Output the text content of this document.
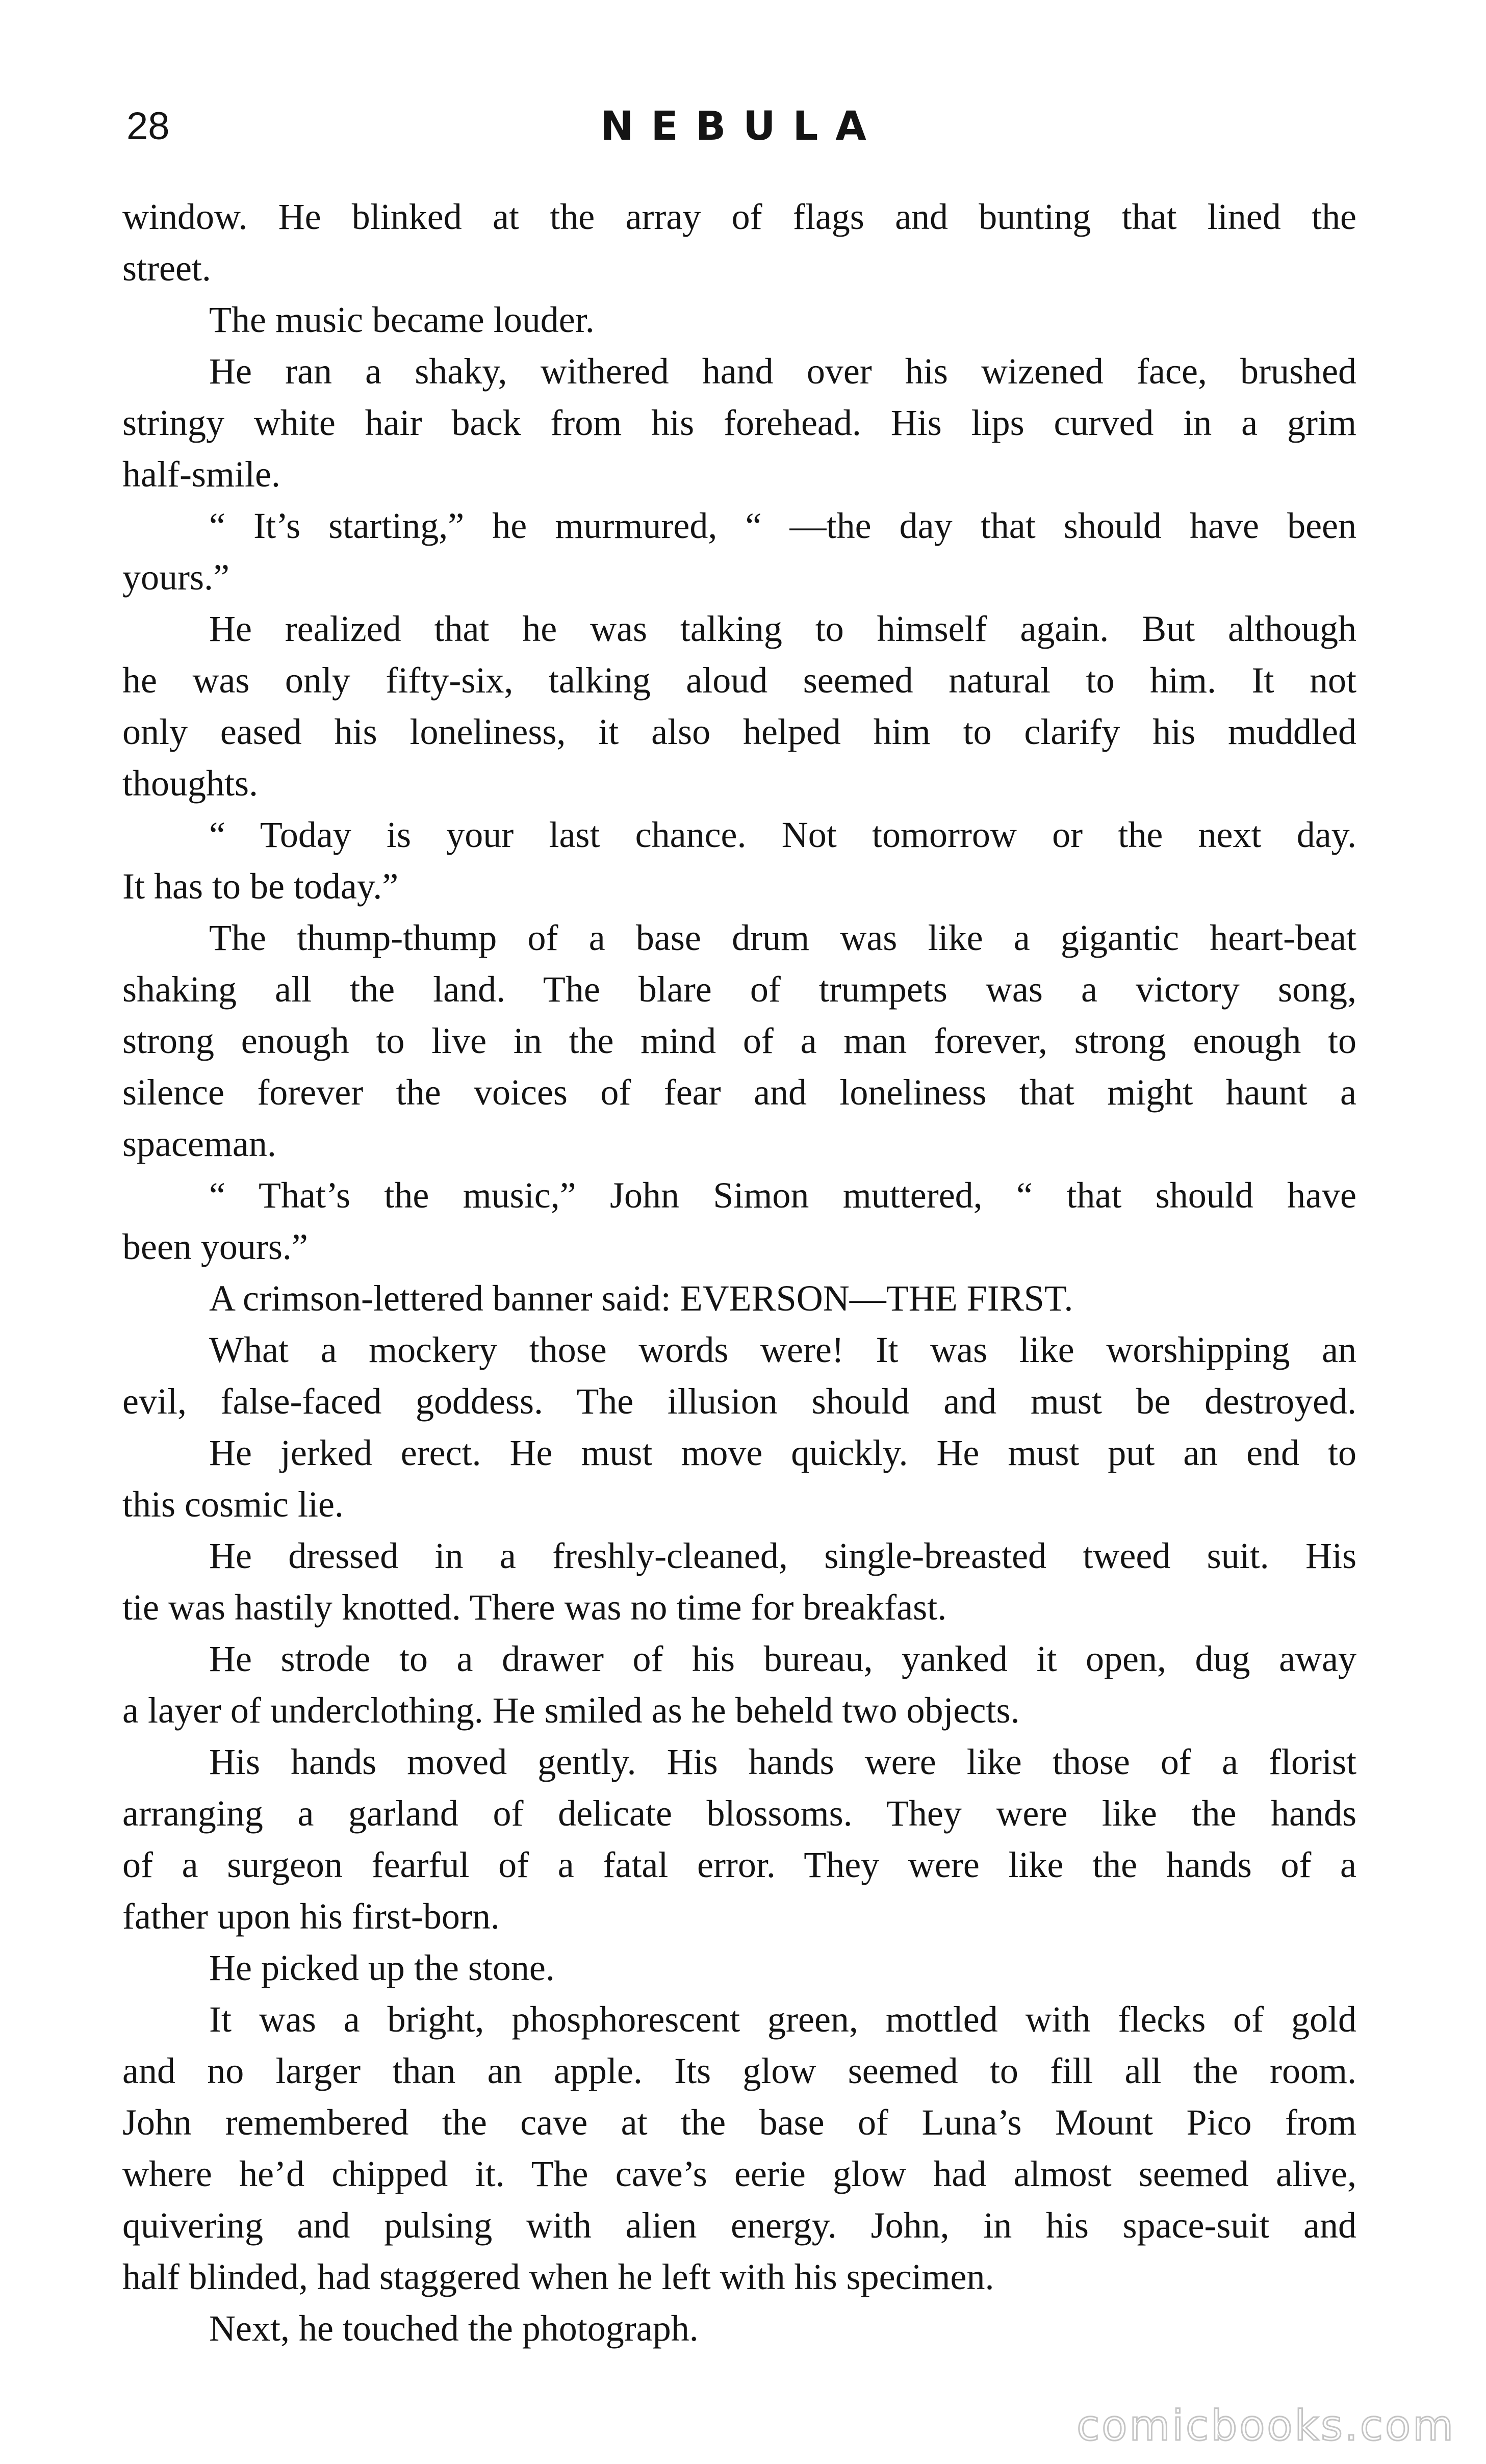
28	NEBULA
window. He blinked at the array of flags and bunting that lined the
street.
The music became louder.
He ran a shaky, withered hand over his wizened face, brushed
stringy white hair back from his forehead. His lips curved in a grim
half-smile.
“ It’s starting,” he murmured, “ —the day that should have been
yours.”
He realized that he was talking to himself again. But although
he was only fifty-six, talking aloud seemed natural to him. It not
only eased his loneliness, it also helped him to clarify his muddled
thoughts.
“ Today is your last chance. Not tomorrow or the next day.
It has to be today.”
The thump-thump of a base drum was like a gigantic heart-beat
shaking all the land. The blare of trumpets was a victory song,
strong enough to live in the mind of a man forever, strong enough to
silence forever the voices of fear and loneliness that might haunt a
spaceman.
“ That’s the music,” John Simon muttered, “ that should have
been yours.”
A crimson-lettered banner said: EVERSON—THE FIRST.
What a mockery those words were! It was like worshipping an
evil, false-faced goddess. The illusion should and must be destroyed.
He jerked erect. He must move quickly. He must put an end to
this cosmic lie.
He dressed in a freshly-cleaned, single-breasted tweed suit. His
tie was hastily knotted. There was no time for breakfast.
He strode to a drawer of his bureau, yanked it open, dug away
a layer of underclothing. He smiled as he beheld two objects.
His hands moved gently. His hands were like those of a florist
arranging a garland of delicate blossoms. They were like the hands
of a surgeon fearful of a fatal error. They were like the hands of a
father upon his first-born.
He picked up the stone.
It was a bright, phosphorescent green, mottled with flecks of gold
and no larger than an apple. Its glow seemed to fill all the room.
John remembered the cave at the base of Luna’s Mount Pico from
where he’d chipped it. The cave’s eerie glow had almost seemed alive,
quivering and pulsing with alien energy. John, in his space-suit and
half blinded, had staggered when he left with his specimen.
Next, he touched the photograph.
comicbooks.com
